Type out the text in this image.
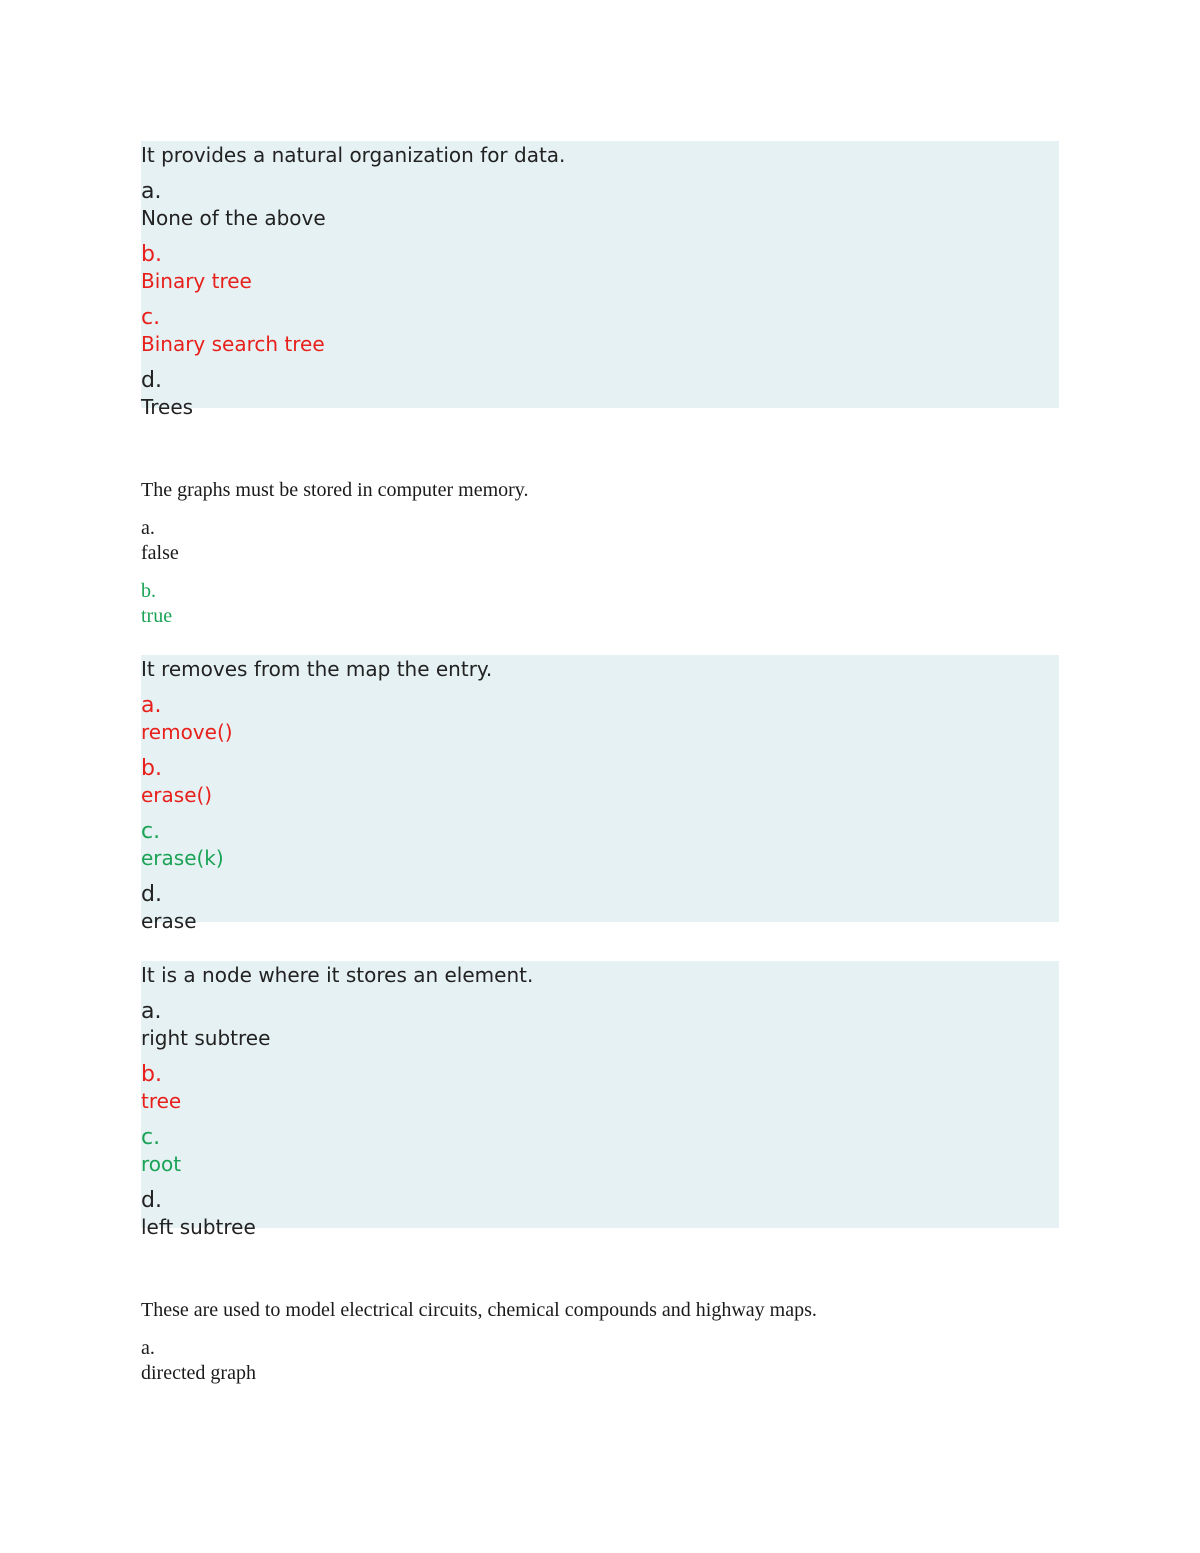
It provides a natural organization for data.
a.
None of the above
b.
Binary tree
c.
Binary search tree
d.
Trees
The graphs must be stored in computer memory.
a.
false
b.
true
It removes from the map the entry.
a.
remove()
b.
erase()
c.
erase(k)
d.
erase
It is a node where it stores an element.
a.
right subtree
b.
tree
c.
root
d.
left subtree
These are used to model electrical circuits, chemical compounds and highway maps.
a.
directed graph
